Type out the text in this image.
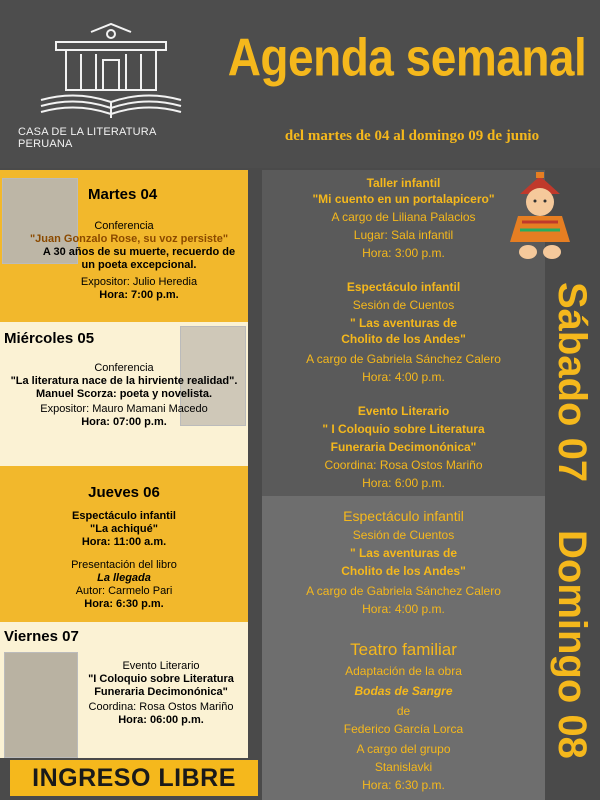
CASA DE LA LITERATURA PERUANA
Agenda semanal
del martes de 04 al domingo 09 de junio
Martes 04
Conferencia
"Juan Gonzalo Rose, su voz persiste"
A 30 años de su muerte, recuerdo de
un poeta excepcional.
Expositor: Julio Heredia
Hora: 7:00 p.m.
Miércoles 05
Conferencia
"La literatura nace de la hirviente realidad".
Manuel Scorza: poeta y novelista.
Expositor: Mauro Mamani Macedo
Hora: 07:00 p.m.
Jueves 06
Espectáculo infantil
"La achiqué"
Hora: 11:00 a.m.
Presentación del libro
La llegada
Autor: Carmelo Pari
Hora: 6:30 p.m.
Viernes 07
Evento Literario
"I Coloquio sobre Literatura
Funeraria Decimonónica"
Coordina: Rosa Ostos Mariño
Hora: 06:00 p.m.
INGRESO LIBRE
Taller infantil
"Mi cuento en un portalapicero"
A cargo de Liliana Palacios
Lugar: Sala infantil
Hora: 3:00 p.m.
Espectáculo infantil
Sesión de Cuentos
" Las aventuras de
Cholito de los Andes"
A cargo de Gabriela Sánchez Calero
Hora: 4:00 p.m.
Evento Literario
" I Coloquio sobre Literatura
Funeraria Decimonónica"
Coordina: Rosa Ostos Mariño
Hora: 6:00 p.m.
Espectáculo infantil
Sesión de Cuentos
" Las aventuras de
Cholito de los Andes"
A cargo de Gabriela Sánchez Calero
Hora: 4:00 p.m.
Teatro familiar
Adaptación de la obra
Bodas de Sangre
de
Federico García Lorca
A cargo del grupo
Stanislavki
Hora: 6:30 p.m.
Sábado 07
Domingo 08
